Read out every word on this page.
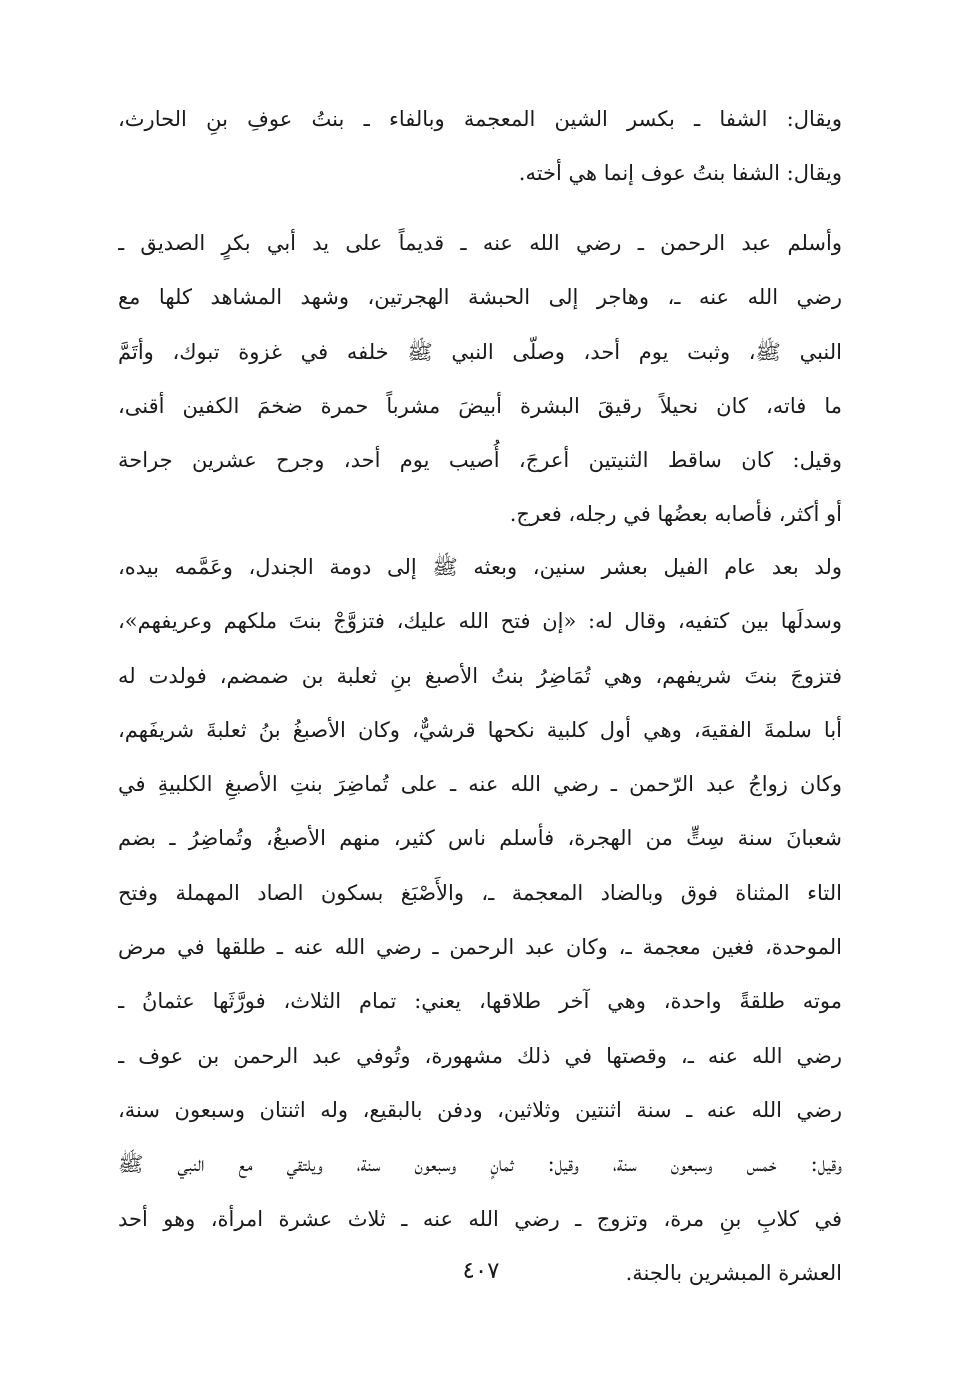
ويقال: الشفا ـ بكسر الشين المعجمة وبالفاء ـ بنتُ عوفِ بنِ الحارث،
ويقال: الشفا بنتُ عوف إنما هي أخته.
وأسلم عبد الرحمن ـ رضي الله عنه ـ قديماً على يد أبي بكرٍ الصديق ـ
رضي الله عنه ـ، وهاجر إلى الحبشة الهجرتين، وشهد المشاهد كلها مع
النبي ﷺ، وثبت يوم أحد، وصلّى النبي ﷺ خلفه في غزوة تبوك، وأتَمَّ
ما فاته، كان نحيلاً رقيقَ البشرة أبيضَ مشرباً حمرة ضخمَ الكفين أقنى،
وقيل: كان ساقط الثنيتين أعرجَ، أُصيب يوم أحد، وجرح عشرين جراحة
أو أكثر، فأصابه بعضُها في رجله، فعرج.
ولد بعد عام الفيل بعشر سنين، وبعثه ﷺ إلى دومة الجندل، وعَمَّمه بيده،
وسدلَها بين كتفيه، وقال له: «إن فتح الله عليك، فتزوَّجْ بنتَ ملكهم وعريفهم»،
فتزوجَ بنتَ شريفهم، وهي تُمَاضِرُ بنتُ الأصبغ بنِ ثعلبة بن ضمضم، فولدت له
أبا سلمةَ الفقيهَ، وهي أول كلبية نكحها قرشيٌّ، وكان الأصبغُ بنُ ثعلبةَ شريفَهم،
وكان زواجُ عبد الرّحمن ـ رضي الله عنه ـ على تُماضِرَ بنتِ الأصبغِ الكلبيةِ في
شعبانَ سنة سِتٍّ من الهجرة، فأسلم ناس كثير، منهم الأصبغُ، وتُماضِرُ ـ بضم
التاء المثناة فوق وبالضاد المعجمة ـ، والأَصْبَغ بسكون الصاد المهملة وفتح
الموحدة، فغين معجمة ـ، وكان عبد الرحمن ـ رضي الله عنه ـ طلقها في مرض
موته طلقةً واحدة، وهي آخر طلاقها، يعني: تمام الثلاث، فورَّثَها عثمانُ ـ
رضي الله عنه ـ، وقصتها في ذلك مشهورة، وتُوفي عبد الرحمن بن عوف ـ
رضي الله عنه ـ سنة اثنتين وثلاثين، ودفن بالبقيع، وله اثنتان وسبعون سنة،
وقيل: خمس وسبعون سنة، وقيل: ثمانٍ وسبعون سنة، ويلتقي مع النبي ﷺ
في كلابِ بنِ مرة، وتزوج ـ رضي الله عنه ـ ثلاث عشرة امرأة، وهو أحد
العشرة المبشرين بالجنة.
٤٠٧
